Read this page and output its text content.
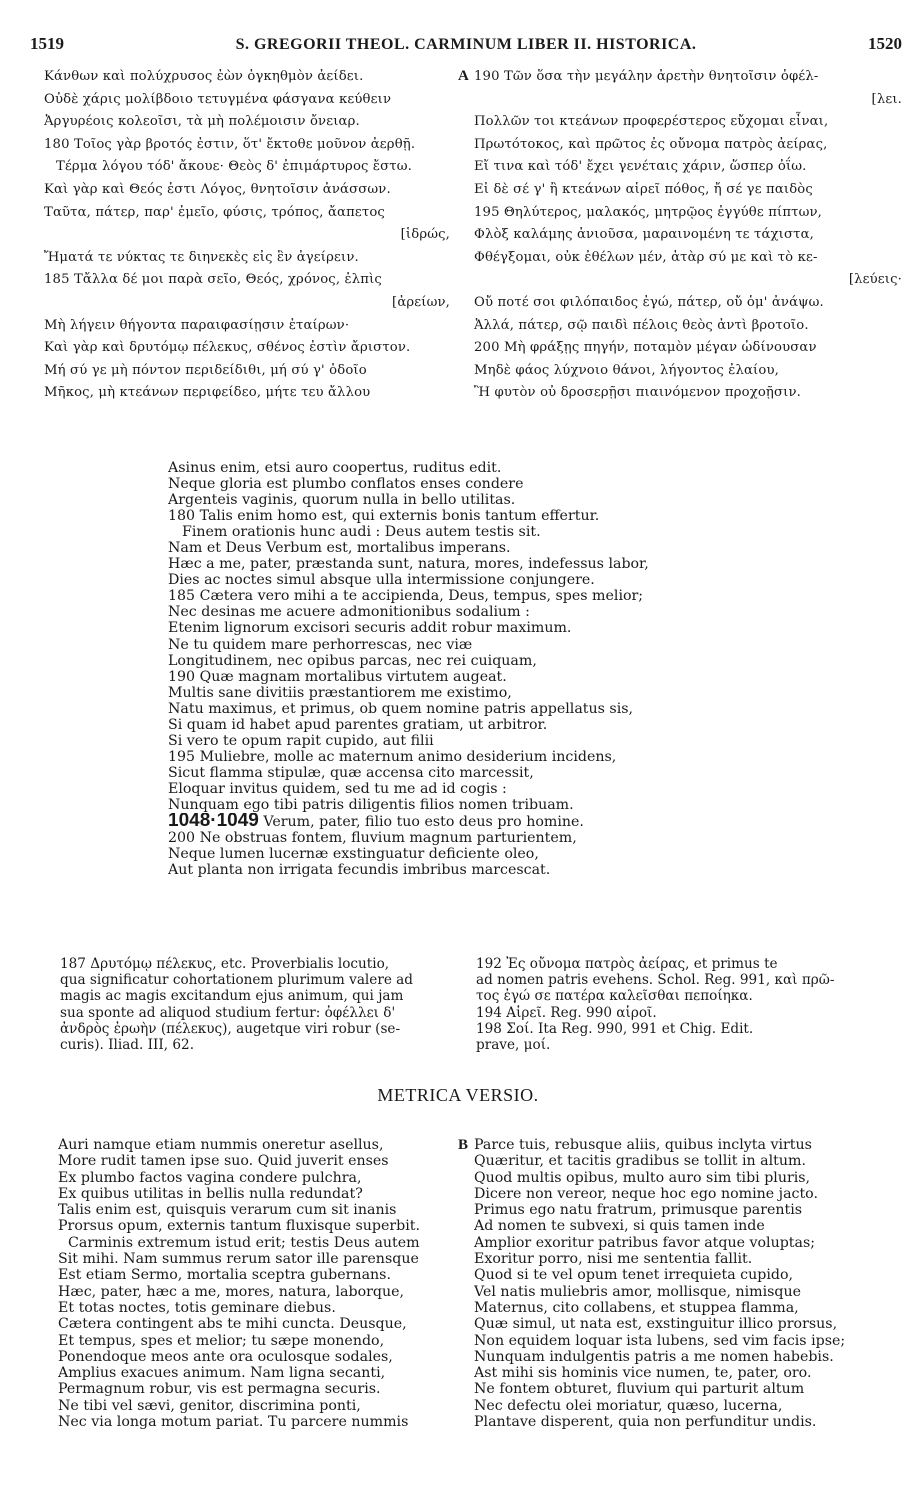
1519	S. GREGORII THEOL. CARMINUM LIBER II. HISTORICA.	1520
Κάνθων καὶ πολύχρυσος ἐὼν ὀγκηθμὸν ἀείδει.
Οὐδὲ χάρις μολίβδοιο τετυγμένα φάσγανα κεύθειν
Ἀργυρέοις κολεοῖσι, τὰ μὴ πολέμοισιν ὄνειαρ.
180 Τοῖος γὰρ βροτός ἐστιν, ὅτ' ἔκτοθε μοῦνον ἀερθῇ.
Τέρμα λόγου τόδ' ἄκουε· Θεὸς δ' ἐπιμάρτυρος ἔστω.
Καὶ γὰρ καὶ Θεός ἐστι Λόγος, θνητοῖσιν ἀνάσσων.
Ταῦτα, πάτερ, παρ' ἐμεῖο, φύσις, τρόπος, ἄαπετος
[ἱδρώς,
Ἤματά τε νύκτας τε διηνεκὲς εἰς ἓν ἀγείρειν.
185 Τἄλλα δέ μοι παρὰ σεῖο, Θεός, χρόνος, ἐλπὶς
[ἀρείων,
Μὴ λήγειν θήγοντα παραιφασίῃσιν ἑταίρων·
Καὶ γὰρ καὶ δρυτόμῳ πέλεκυς, σθένος ἐστὶν ἄριστον.
Μή σύ γε μὴ πόντον περιδείδιθι, μή σύ γ' ὁδοῖο
Μῆκος, μὴ κτεάνων περιφείδεο, μήτε τευ ἄλλου
A 190 Τῶν ὅσα τὴν μεγάλην ἀρετὴν θνητοῖσιν ὀφέλ-
[λει.
Πολλῶν τοι κτεάνων προφερέστερος εὔχομαι εἶναι,
Πρωτότοκος, καὶ πρῶτος ἐς οὔνομα πατρὸς ἀείρας,
Εἴ τινα καὶ τόδ' ἔχει γενέταις χάριν, ὥσπερ ὀΐω.
Εἰ δὲ σέ γ' ἢ κτεάνων αἱρεῖ πόθος, ἤ σέ γε παιδὸς
195 Θηλύτερος, μαλακός, μητρῷος ἐγγύθε πίπτων,
Φλὸξ καλάμης ἀνιοῦσα, μαραινομένη τε τάχιστα,
Φθέγξομαι, οὐκ ἐθέλων μέν, ἀτὰρ σύ με καὶ τὸ κε-
[λεύεις·
Οὔ ποτέ σοι φιλόπαιδος ἐγώ, πάτερ, οὔ ὁμ' ἀνάψω.
Ἀλλά, πάτερ, σῷ παιδὶ πέλοις θεὸς ἀντὶ βροτοῖο.
200 Μὴ φράξῃς πηγήν, ποταμὸν μέγαν ὠδίνουσαν
Μηδὲ φάος λύχνοιο θάνοι, λήγοντος ἐλαίου,
Ἢ φυτὸν οὐ δροσερῇσι πιαινόμενον προχοῇσιν.
Asinus enim, etsi auro coopertus, ruditus edit.
Neque gloria est plumbo conflatos enses condere
Argenteis vaginis, quorum nulla in bello utilitas.
180 Talis enim homo est, qui externis bonis tantum effertur.
Finem orationis hunc audi : Deus autem testis sit.
Nam et Deus Verbum est, mortalibus imperans.
Hæc a me, pater, præstanda sunt, natura, mores, indefessus labor,
Dies ac noctes simul absque ulla intermissione conjungere.
185 Cætera vero mihi a te accipienda, Deus, tempus, spes melior;
Nec desinas me acuere admonitionibus sodalium :
Etenim lignorum excisori securis addit robur maximum.
Ne tu quidem mare perhorrescas, nec viæ
Longitudinem, nec opibus parcas, nec rei cuiquam,
190 Quæ magnam mortalibus virtutem augeat.
Multis sane divitiis præstantiorem me existimo,
Natu maximus, et primus, ob quem nomine patris appellatus sis,
Si quam id habet apud parentes gratiam, ut arbitror.
Si vero te opum rapit cupido, aut filii
195 Muliebre, molle ac maternum animo desiderium incidens,
Sicut flamma stipulæ, quæ accensa cito marcessit,
Eloquar invitus quidem, sed tu me ad id cogis :
Nunquam ego tibi patris diligentis filios nomen tribuam.
1048·1049 Verum, pater, filio tuo esto deus pro homine.
200 Ne obstruas fontem, fluvium magnum parturientem,
Neque lumen lucernæ exstinguatur deficiente oleo,
Aut planta non irrigata fecundis imbribus marcescat.
187 Δρυτόμῳ πέλεκυς, etc. Proverbialis locutio,
qua significatur cohortationem plurimum valere ad
magis ac magis excitandum ejus animum, qui jam
sua sponte ad aliquod studium fertur: ὀφέλλει δ'
ἀνδρὸς ἐρωὴν (πέλεκυς), augetque viri robur (se-
curis). Iliad. III, 62.
192 Ἐς οὔνομα πατρὸς ἀείρας, et primus te
ad nomen patris evehens. Schol. Reg. 991, καὶ πρῶ-
τος ἐγώ σε πατέρα καλεῖσθαι πεποίηκα.
194 Αἱρεῖ. Reg. 990 αἱροῖ.
198 Σοί. Ita Reg. 990, 991 et Chig. Edit.
prave, μοί.
METRICA VERSIO.
Auri namque etiam nummis oneretur asellus,
More rudit tamen ipse suo. Quid juverit enses
Ex plumbo factos vagina condere pulchra,
Ex quibus utilitas in bellis nulla redundat?
Talis enim est, quisquis verarum cum sit inanis
Prorsus opum, externis tantum fluxisque superbit.
Carminis extremum istud erit; testis Deus autem
Sit mihi. Nam summus rerum sator ille parensque
Est etiam Sermo, mortalia sceptra gubernans.
Hæc, pater, hæc a me, mores, natura, laborque,
Et totas noctes, totis geminare diebus.
Cætera contingent abs te mihi cuncta. Deusque,
Et tempus, spes et melior; tu sæpe monendo,
Ponendoque meos ante ora oculosque sodales,
Amplius exacues animum. Nam ligna secanti,
Permagnum robur, vis est permagna securis.
Ne tibi vel sævi, genitor, discrimina ponti,
Nec via longa motum pariat. Tu parcere nummis
B Parce tuis, rebusque aliis, quibus inclyta virtus
Quæritur, et tacitis gradibus se tollit in altum.
Quod multis opibus, multo auro sim tibi pluris,
Dicere non vereor, neque hoc ego nomine jacto.
Primus ego natu fratrum, primusque parentis
Ad nomen te subvexi, si quis tamen inde
Amplior exoritur patribus favor atque voluptas;
Exoritur porro, nisi me sententia fallit.
Quod si te vel opum tenet irrequieta cupido,
Vel natis muliebris amor, mollisque, nimisque
Maternus, cito collabens, et stuppea flamma,
Quæ simul, ut nata est, exstinguitur illico prorsus,
Non equidem loquar ista lubens, sed vim facis ipse;
Nunquam indulgentis patris a me nomen habebis.
Ast mihi sis hominis vice numen, te, pater, oro.
Ne fontem obturet, fluvium qui parturit altum
Nec defectu olei moriatur, quæso, lucerna,
Plantave disperent, quia non perfunditur undis.
